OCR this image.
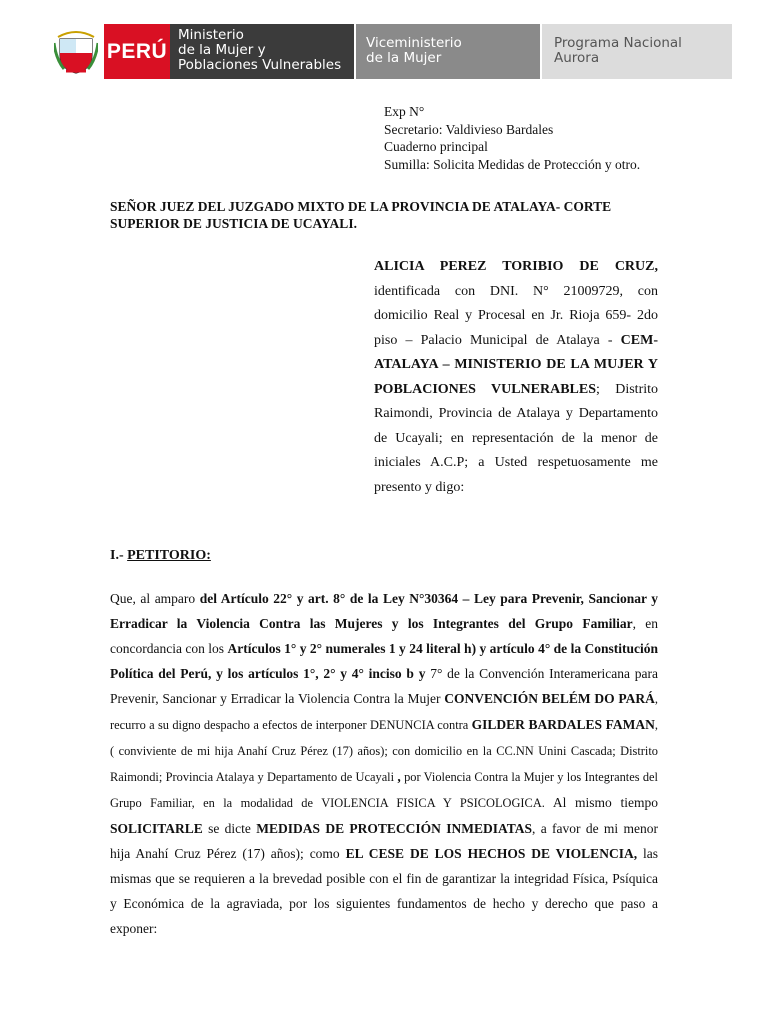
PERÚ
Ministerio
de la Mujer y
Poblaciones Vulnerables
Viceministerio
de la Mujer
Programa Nacional
Aurora
Exp N°
Secretario: Valdivieso Bardales
Cuaderno principal
Sumilla: Solicita Medidas de Protección y otro.
SEÑOR JUEZ DEL JUZGADO MIXTO DE LA PROVINCIA DE ATALAYA- CORTE SUPERIOR DE JUSTICIA DE UCAYALI.

ALICIA PEREZ TORIBIO DE CRUZ, identificada con DNI. N° 21009729, con domicilio Real y Procesal en Jr. Rioja 659- 2do piso – Palacio Municipal de Atalaya - CEM-ATALAYA – MINISTERIO DE LA MUJER Y POBLACIONES VULNERABLES; Distrito Raimondi, Provincia de Atalaya y Departamento de Ucayali; en representación de la menor de iniciales A.C.P; a Usted respetuosamente me presento y digo:

I.- PETITORIO:

Que, al amparo del Artículo 22° y art. 8° de la Ley N°30364 – Ley para Prevenir, Sancionar y Erradicar la Violencia Contra las Mujeres y los Integrantes del Grupo Familiar, en concordancia con los Artículos 1° y 2° numerales 1 y 24 literal h) y artículo 4° de la Constitución Política del Perú, y los artículos 1°, 2° y 4° inciso b y 7° de la Convención Interamericana para Prevenir, Sancionar y Erradicar la Violencia Contra la Mujer CONVENCIÓN BELÉM DO PARÁ, recurro a su digno despacho a efectos de interponer DENUNCIA contra GILDER BARDALES FAMAN, ( conviviente de mi hija Anahí Cruz Pérez (17) años); con domicilio en la CC.NN Unini Cascada; Distrito Raimondi; Provincia Atalaya y Departamento de Ucayali , por Violencia Contra la Mujer y los Integrantes del Grupo Familiar, en la modalidad de VIOLENCIA FISICA Y PSICOLOGICA. Al mismo tiempo SOLICITARLE se dicte MEDIDAS DE PROTECCIÓN INMEDIATAS, a favor de mi menor hija Anahí Cruz Pérez (17) años); como EL CESE DE LOS HECHOS DE VIOLENCIA, las mismas que se requieren a la brevedad posible con el fin de garantizar la integridad Física, Psíquica y Económica de la agraviada, por los siguientes fundamentos de hecho y derecho que paso a exponer:
